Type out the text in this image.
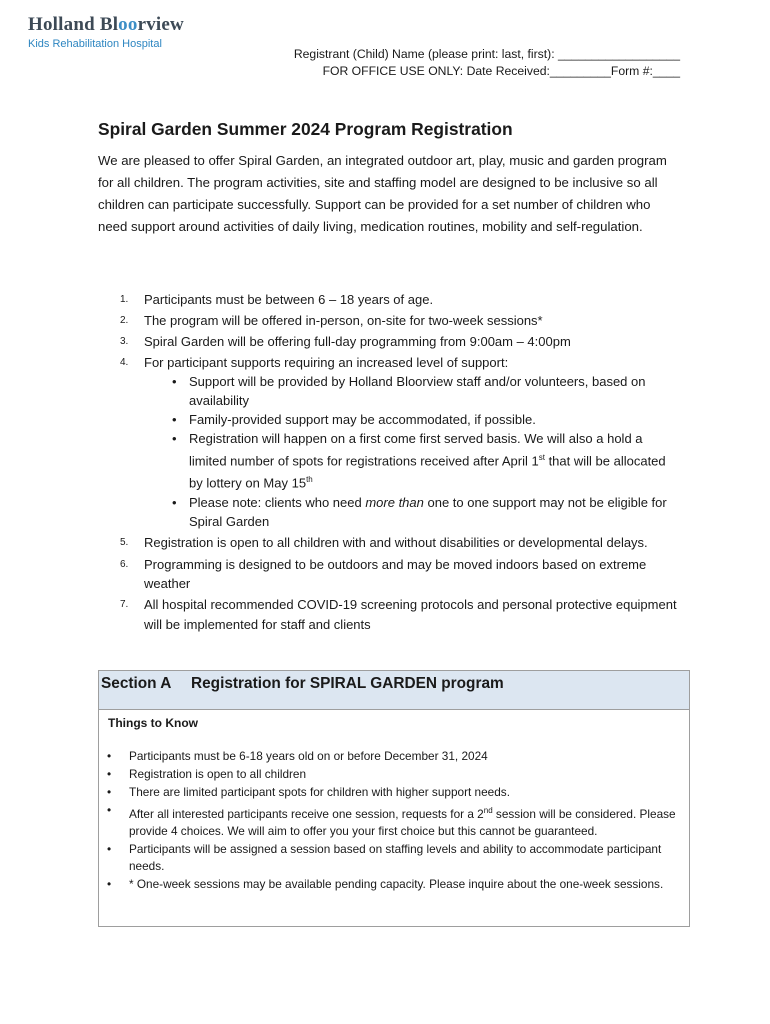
Holland Bloorview
Kids Rehabilitation Hospital
Registrant (Child) Name (please print: last, first): __________________
FOR OFFICE USE ONLY: Date Received:_________Form #:____
Spiral Garden Summer 2024 Program Registration
We are pleased to offer Spiral Garden, an integrated outdoor art, play, music and garden program for all children. The program activities, site and staffing model are designed to be inclusive so all children can participate successfully. Support can be provided for a set number of children who need support around activities of daily living, medication routines, mobility and self-regulation.
1. Participants must be between 6 – 18 years of age.
2. The program will be offered in-person, on-site for two-week sessions*
3. Spiral Garden will be offering full-day programming from 9:00am – 4:00pm
4. For participant supports requiring an increased level of support:
• Support will be provided by Holland Bloorview staff and/or volunteers, based on availability
• Family-provided support may be accommodated, if possible.
• Registration will happen on a first come first served basis. We will also a hold a limited number of spots for registrations received after April 1st that will be allocated by lottery on May 15th
• Please note: clients who need more than one to one support may not be eligible for Spiral Garden
5. Registration is open to all children with and without disabilities or developmental delays.
6. Programming is designed to be outdoors and may be moved indoors based on extreme weather
7. All hospital recommended COVID-19 screening protocols and personal protective equipment will be implemented for staff and clients
Section A Registration for SPIRAL GARDEN program
Things to Know
• Participants must be 6-18 years old on or before December 31, 2024
• Registration is open to all children
• There are limited participant spots for children with higher support needs.
• After all interested participants receive one session, requests for a 2nd session will be considered. Please provide 4 choices. We will aim to offer you your first choice but this cannot be guaranteed.
• Participants will be assigned a session based on staffing levels and ability to accommodate participant needs.
• * One-week sessions may be available pending capacity. Please inquire about the one-week sessions.
